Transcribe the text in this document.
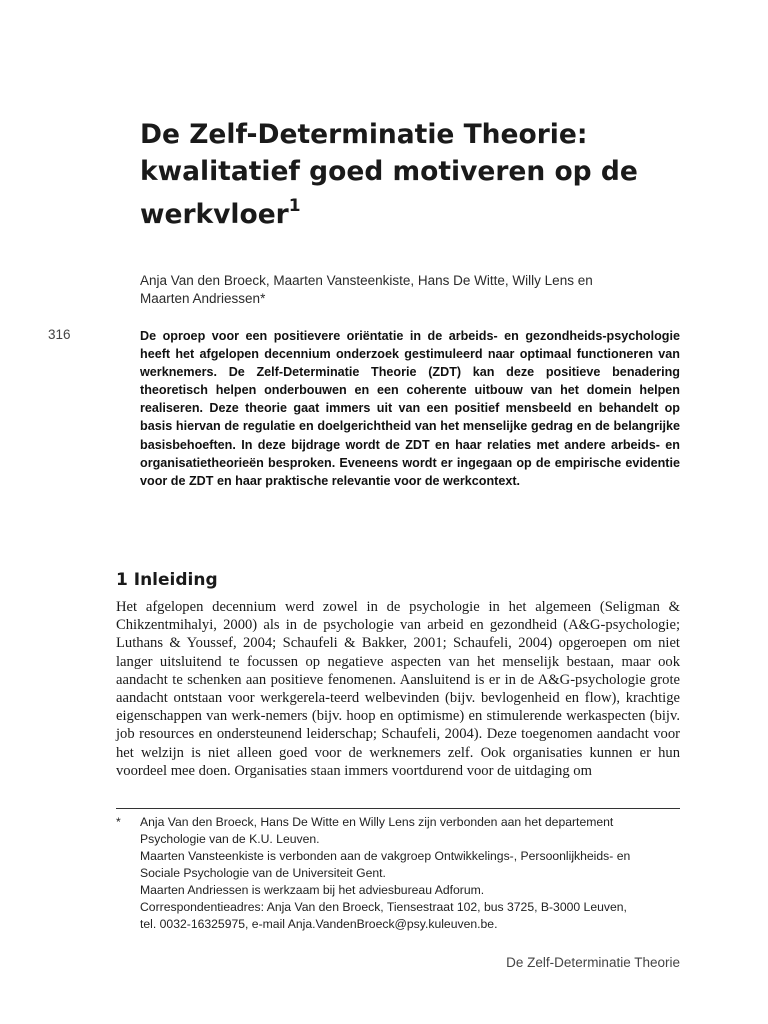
De Zelf-Determinatie Theorie:
kwalitatief goed motiveren op de
werkvloer$^1$
Anja Van den Broeck, Maarten Vansteenkiste, Hans De Witte, Willy Lens en
Maarten Andriessen*
316	De oproep voor een positievere oriëntatie in de arbeids- en gezondheids-psychologie heeft het afgelopen decennium onderzoek gestimuleerd naar optimaal functioneren van werknemers. De Zelf-Determinatie Theorie (ZDT) kan deze positieve benadering theoretisch helpen onderbouwen en een coherente uitbouw van het domein helpen realiseren. Deze theorie gaat immers uit van een positief mensbeeld en behandelt op basis hiervan de regulatie en doelgerichtheid van het menselijke gedrag en de belangrijke basisbehoeften. In deze bijdrage wordt de ZDT en haar relaties met andere arbeids- en organisatietheorieën besproken. Eveneens wordt er ingegaan op de empirische evidentie voor de ZDT en haar praktische relevantie voor de werkcontext.
1 Inleiding
Het afgelopen decennium werd zowel in de psychologie in het algemeen (Seligman & Chikzentmihalyi, 2000) als in de psychologie van arbeid en gezondheid (A&G-psychologie; Luthans & Youssef, 2004; Schaufeli & Bakker, 2001; Schaufeli, 2004) opgeroepen om niet langer uitsluitend te focussen op negatieve aspecten van het menselijk bestaan, maar ook aandacht te schenken aan positieve fenomenen. Aansluitend is er in de A&G-psychologie grote aandacht ontstaan voor werkgerela-teerd welbevinden (bijv. bevlogenheid en flow), krachtige eigenschappen van werk-nemers (bijv. hoop en optimisme) en stimulerende werkaspecten (bijv. job resources en ondersteunend leiderschap; Schaufeli, 2004). Deze toegenomen aandacht voor het welzijn is niet alleen goed voor de werknemers zelf. Ook organisaties kunnen er hun voordeel mee doen. Organisaties staan immers voortdurend voor de uitdaging om
* Anja Van den Broeck, Hans De Witte en Willy Lens zijn verbonden aan het departement
Psychologie van de K.U. Leuven.
Maarten Vansteenkiste is verbonden aan de vakgroep Ontwikkelings-, Persoonlijkheids- en
Sociale Psychologie van de Universiteit Gent.
Maarten Andriessen is werkzaam bij het adviesbureau Adforum.
Correspondentieadres: Anja Van den Broeck, Tiensestraat 102, bus 3725, B-3000 Leuven,
tel. 0032-16325975, e-mail Anja.VandenBroeck@psy.kuleuven.be.
De Zelf-Determinatie Theorie
